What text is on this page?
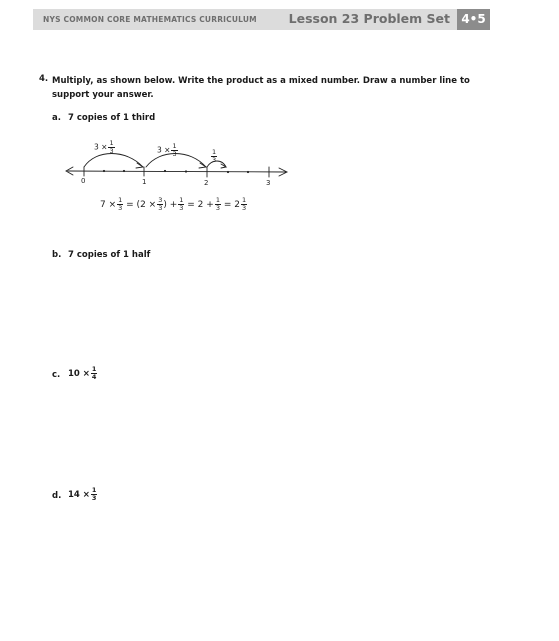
NYS COMMON CORE MATHEMATICS CURRICULUM	Lesson 23 Problem Set 4•5
4. Multiply, as shown below. Write the product as a mixed number. Draw a number line to support your answer.
a. 7 copies of 1 third
0	1	2	3
$3 \times \frac{1}{3}$	$3 \times \frac{1}{3}$	$\frac{1}{3}$
$7 \times \frac{1}{3} = (2 \times \frac{3}{3}$ ) + $\frac{1}{3} = 2 + \frac{1}{3} = 2 \frac{1}{3}$
b. 7 copies of 1 half
c. $10 \times \frac{1}{4}$
d. $14 \times \frac{1}{3}$
